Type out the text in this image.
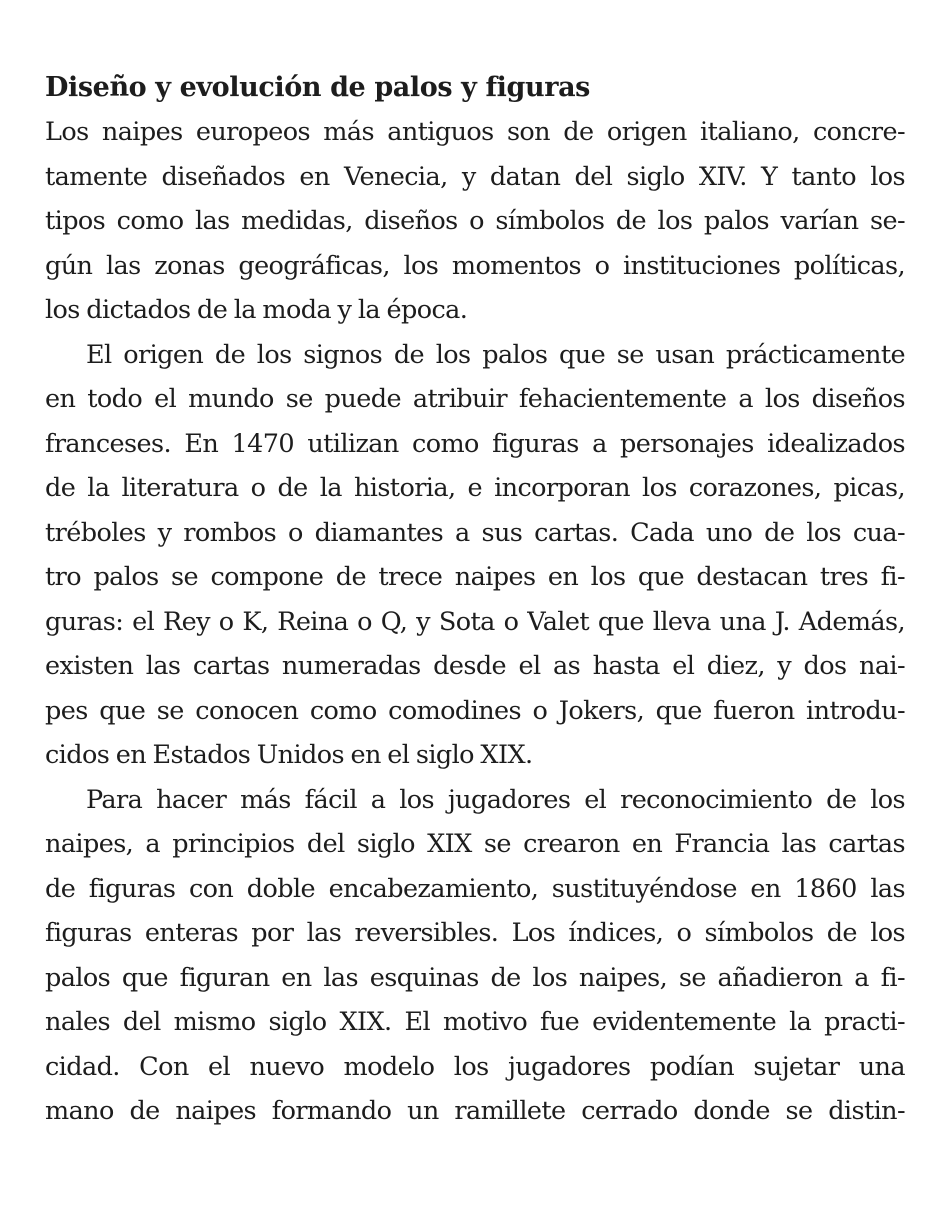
Diseño y evolución de palos y figuras
Los naipes europeos más antiguos son de origen italiano, concre-
tamente diseñados en Venecia, y datan del siglo XIV. Y tanto los
tipos como las medidas, diseños o símbolos de los palos varían se-
gún las zonas geográficas, los momentos o instituciones políticas,
los dictados de la moda y la época.
El origen de los signos de los palos que se usan prácticamente
en todo el mundo se puede atribuir fehacientemente a los diseños
franceses. En 1470 utilizan como figuras a personajes idealizados
de la literatura o de la historia, e incorporan los corazones, picas,
tréboles y rombos o diamantes a sus cartas. Cada uno de los cua-
tro palos se compone de trece naipes en los que destacan tres fi-
guras: el Rey o K, Reina o Q, y Sota o Valet que lleva una J. Además,
existen las cartas numeradas desde el as hasta el diez, y dos nai-
pes que se conocen como comodines o Jokers, que fueron introdu-
cidos en Estados Unidos en el siglo XIX.
Para hacer más fácil a los jugadores el reconocimiento de los
naipes, a principios del siglo XIX se crearon en Francia las cartas
de figuras con doble encabezamiento, sustituyéndose en 1860 las
figuras enteras por las reversibles. Los índices, o símbolos de los
palos que figuran en las esquinas de los naipes, se añadieron a fi-
nales del mismo siglo XIX. El motivo fue evidentemente la practi-
cidad. Con el nuevo modelo los jugadores podían sujetar una
mano de naipes formando un ramillete cerrado donde se distin-
